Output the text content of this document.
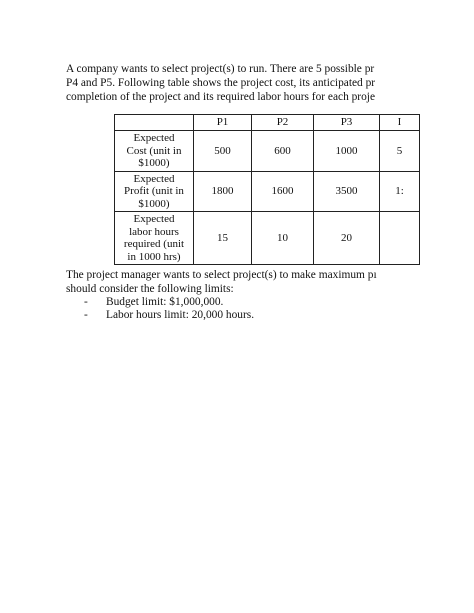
A company wants to select project(s) to run. There are 5 possible pr
P4 and P5. Following table shows the project cost, its anticipated pr
completion of the project and its required labor hours for each proje
	P1	P2	P3	I

Expected
Cost (unit in
$1000)	500	600	1000	5

Expected
Profit (unit in
$1000)	1800	1600	3500	1:

Expected
labor hours
required (unit
in 1000 hrs)	15	10	20	
The project manager wants to select project(s) to make maximum pı
should consider the following limits:
- Budget limit: $1,000,000.
- Labor hours limit: 20,000 hours.
